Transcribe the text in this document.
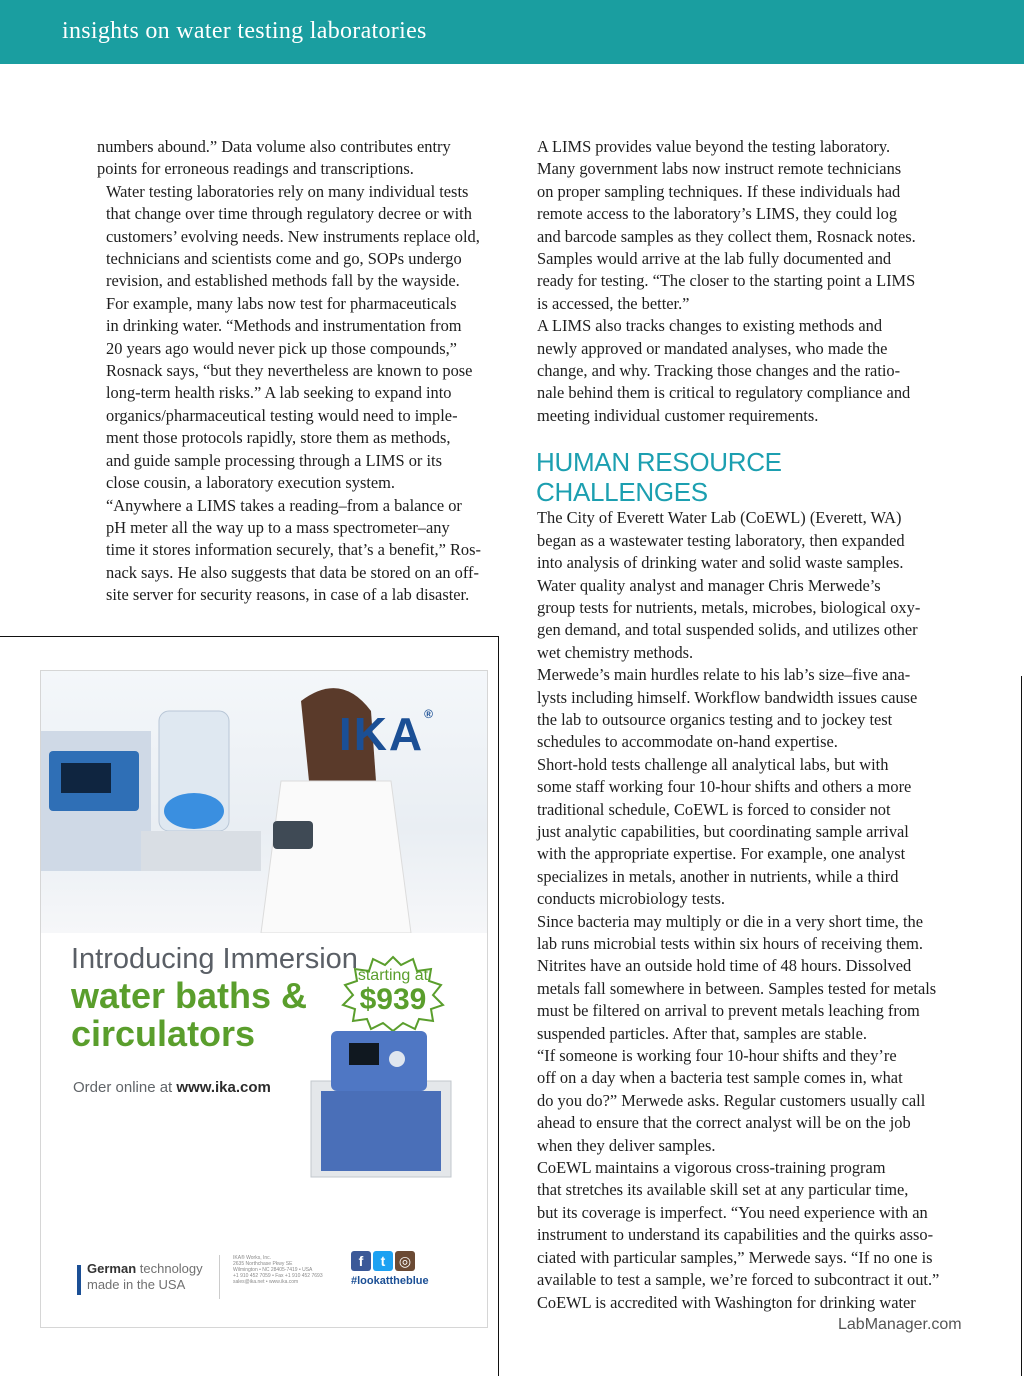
insights on water testing laboratories

numbers abound.” Data volume also contributes entry
points for erroneous readings and transcriptions.

Water testing laboratories rely on many individual tests
that change over time through regulatory decree or with
customers’ evolving needs. New instruments replace old,
technicians and scientists come and go, SOPs undergo
revision, and established methods fall by the wayside.

For example, many labs now test for pharmaceuticals
in drinking water. “Methods and instrumentation from
20 years ago would never pick up those compounds,”
Rosnack says, “but they nevertheless are known to pose
long-term health risks.” A lab seeking to expand into
organics/pharmaceutical testing would need to imple-
ment those protocols rapidly, store them as methods,
and guide sample processing through a LIMS or its
close cousin, a laboratory execution system.

“Anywhere a LIMS takes a reading–from a balance or
pH meter all the way up to a mass spectrometer–any
time it stores information securely, that’s a benefit,” Ros-
nack says. He also suggests that data be stored on an off-
site server for security reasons, in case of a lab disaster.

A LIMS provides value beyond the testing laboratory.
Many government labs now instruct remote technicians
on proper sampling techniques. If these individuals had
remote access to the laboratory’s LIMS, they could log
and barcode samples as they collect them, Rosnack notes.
Samples would arrive at the lab fully documented and
ready for testing. “The closer to the starting point a LIMS
is accessed, the better.”

A LIMS also tracks changes to existing methods and
newly approved or mandated analyses, who made the
change, and why. Tracking those changes and the ratio-
nale behind them is critical to regulatory compliance and
meeting individual customer requirements.

HUMAN RESOURCE CHALLENGES

The City of Everett Water Lab (CoEWL) (Everett, WA)
began as a wastewater testing laboratory, then expanded
into analysis of drinking water and solid waste samples.
Water quality analyst and manager Chris Merwede’s
group tests for nutrients, metals, microbes, biological oxy-
gen demand, and total suspended solids, and utilizes other
wet chemistry methods.

Merwede’s main hurdles relate to his lab’s size–five ana-
lysts including himself. Workflow bandwidth issues cause
the lab to outsource organics testing and to jockey test
schedules to accommodate on-hand expertise.

Short-hold tests challenge all analytical labs, but with
some staff working four 10-hour shifts and others a more
traditional schedule, CoEWL is forced to consider not
just analytic capabilities, but coordinating sample arrival
with the appropriate expertise. For example, one analyst
specializes in metals, another in nutrients, while a third
conducts microbiology tests.

Since bacteria may multiply or die in a very short time, the
lab runs microbial tests within six hours of receiving them.
Nitrites have an outside hold time of 48 hours. Dissolved
metals fall somewhere in between. Samples tested for metals
must be filtered on arrival to prevent metals leaching from
suspended particles. After that, samples are stable.

“If someone is working four 10-hour shifts and they’re
off on a day when a bacteria test sample comes in, what
do you do?” Merwede asks. Regular customers usually call
ahead to ensure that the correct analyst will be on the job
when they deliver samples.

CoEWL maintains a vigorous cross-training program
that stretches its available skill set at any particular time,
but its coverage is imperfect. “You need experience with an
instrument to understand its capabilities and the quirks asso-
ciated with particular samples,” Merwede says. “If no one is
available to test a sample, we’re forced to subcontract it out.”

CoEWL is accredited with Washington for drinking water

IKA®
Introducing Immersion
water baths &
circulators
starting at
$939
Order online at www.ika.com
German technology
made in the USA
IKA® Works, Inc.
2635 Northchase Pkwy SE
Wilmington • NC 28405-7419 • USA
+1 910 452 7059 • Fax +1 910 452 7693
sales@ika.net • www.ika.com
f t ◎
#lookattheblue
LabManager.com
